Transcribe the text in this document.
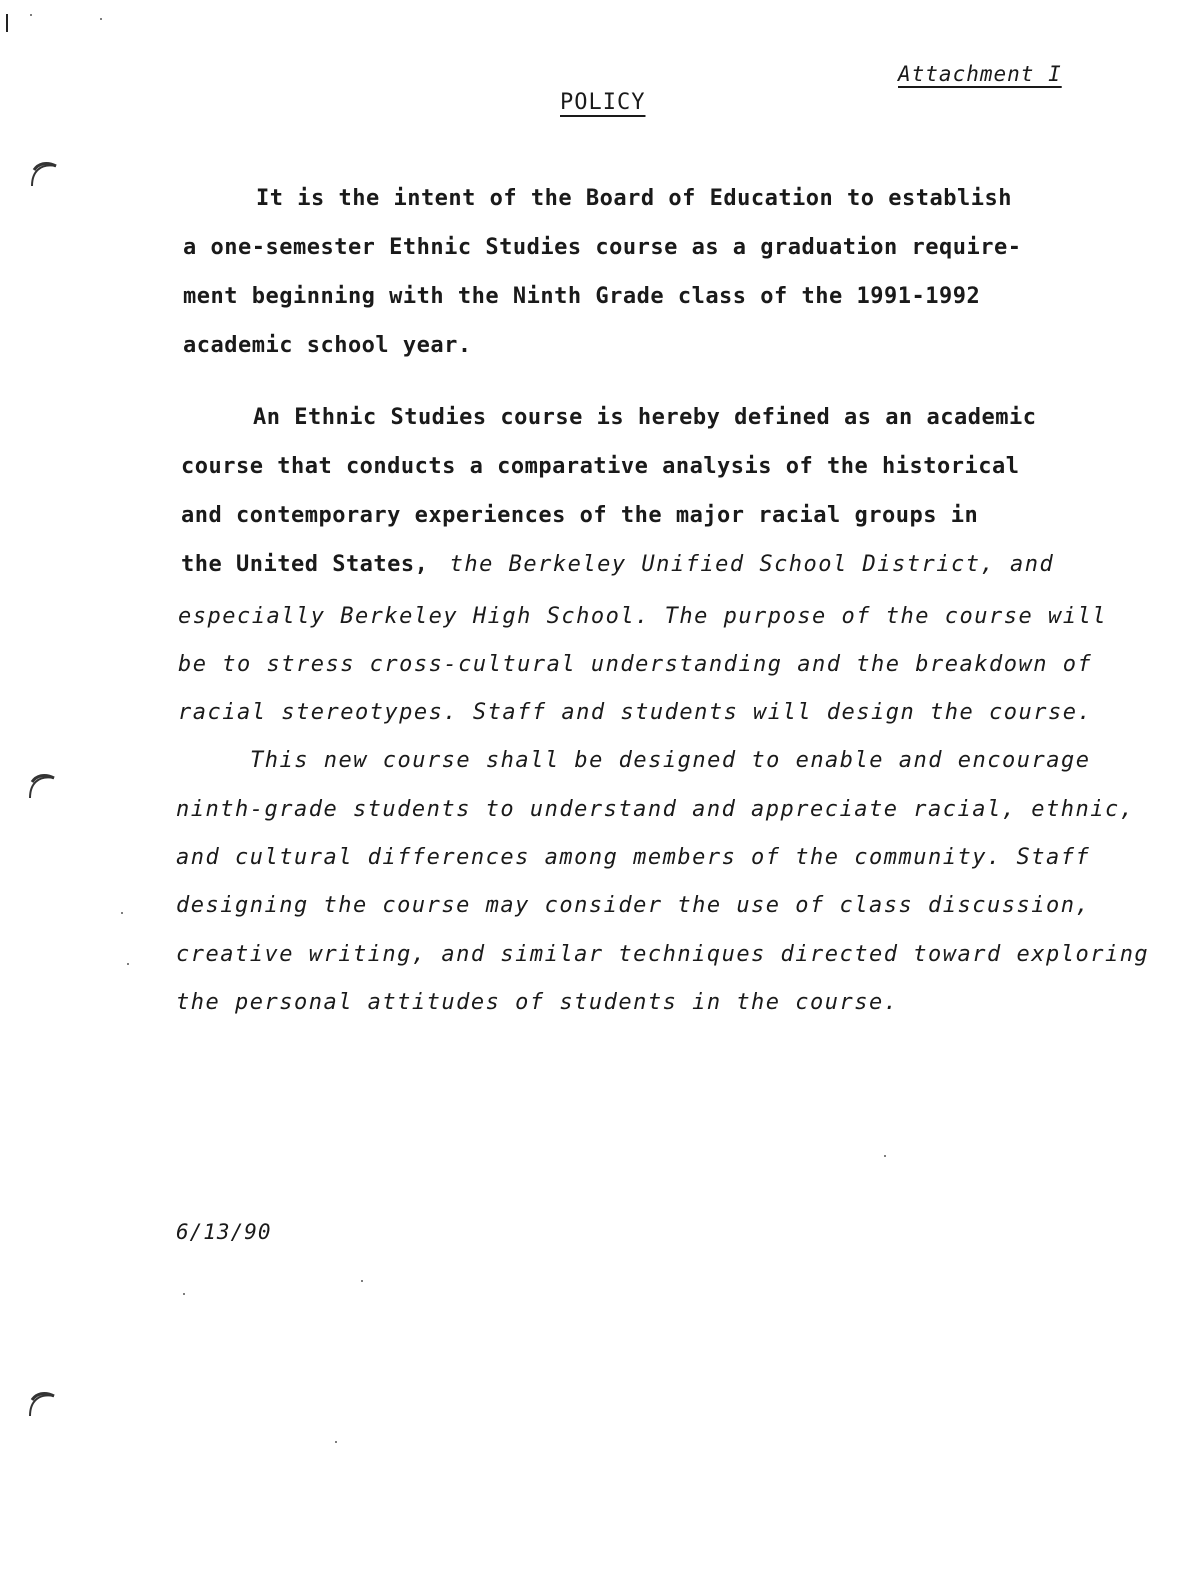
Attachment I
POLICY
It is the intent of the Board of Education to establish
a one-semester Ethnic Studies course as a graduation require-
ment beginning with the Ninth Grade class of the 1991-1992
academic school year.
An Ethnic Studies course is hereby defined as an academic
course that conducts a comparative analysis of the historical
and contemporary experiences of the major racial groups in
the United States, the Berkeley Unified School District, and
especially Berkeley High School. The purpose of the course will
be to stress cross-cultural understanding and the breakdown of
racial stereotypes. Staff and students will design the course.
This new course shall be designed to enable and encourage
ninth-grade students to understand and appreciate racial, ethnic,
and cultural differences among members of the community. Staff
designing the course may consider the use of class discussion,
creative writing, and similar techniques directed toward exploring
the personal attitudes of students in the course.
6/13/90
